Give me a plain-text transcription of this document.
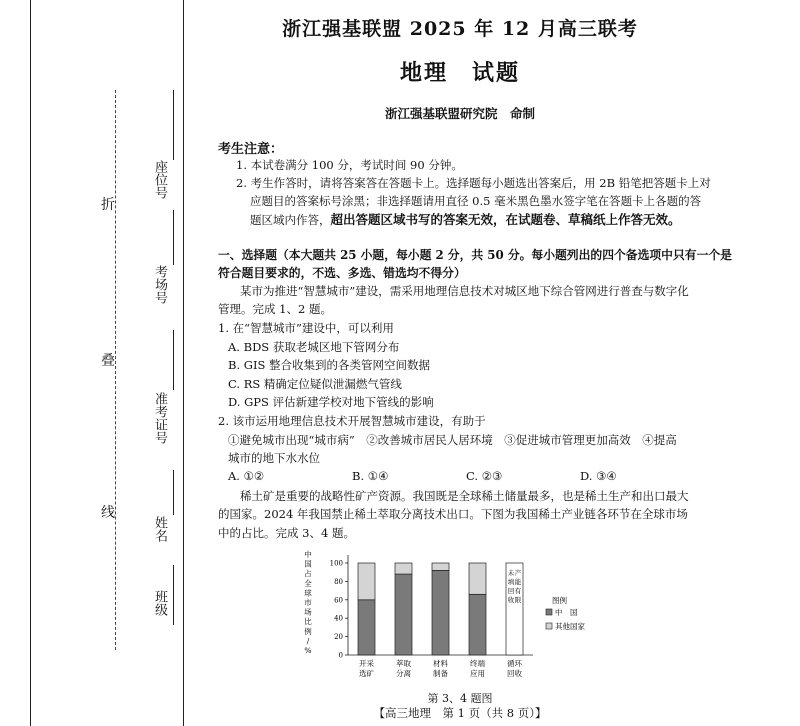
折
叠
线
座位号
考场号
准考证号
姓名
班级
浙江强基联盟 2025 年 12 月高三联考
地理　试题
浙江强基联盟研究院　命制
考生注意：
1. 本试卷满分 100 分，考试时间 90 分钟。
2. 考生作答时，请将答案答在答题卡上。选择题每小题选出答案后，用 2B 铅笔把答题卡上对
应题目的答案标号涂黑；非选择题请用直径 0.5 毫米黑色墨水签字笔在答题卡上各题的答
题区域内作答，超出答题区域书写的答案无效，在试题卷、草稿纸上作答无效。
一、选择题（本大题共 25 小题，每小题 2 分，共 50 分。每小题列出的四个备选项中只有一个是
符合题目要求的，不选、多选、错选均不得分）
某市为推进“智慧城市”建设，需采用地理信息技术对城区地下综合管网进行普查与数字化
管理。完成 1、2 题。
1. 在“智慧城市”建设中，可以利用
A. BDS 获取老城区地下管网分布
B. GIS 整合收集到的各类管网空间数据
C. RS 精确定位疑似泄漏燃气管线
D. GPS 评估新建学校对地下管线的影响
2. 该市运用地理信息技术开展智慧城市建设，有助于
①避免城市出现“城市病”　②改善城市居民人居环境　③促进城市管理更加高效　④提高
城市的地下水水位
A. ①②	B. ①④	C. ②③	D. ③④
稀土矿是重要的战略性矿产资源。我国既是全球稀土储量最多，也是稀土生产和出口最大
的国家。2024 年我国禁止稀土萃取分离技术出口。下图为我国稀土产业链各环节在全球市场
中的占比。完成 3、4 题。
中
国
占
全
球
市
场
比
例
/
%
0
20
40
60
80
100
开采
选矿
萃取
分离
材料
制备
终端
应用
未
填
回
收
产
能
有
限
循环
回收
图例
中　国
其他国家
第 3、4 题图
【高三地理　第 1 页（共 8 页）】
